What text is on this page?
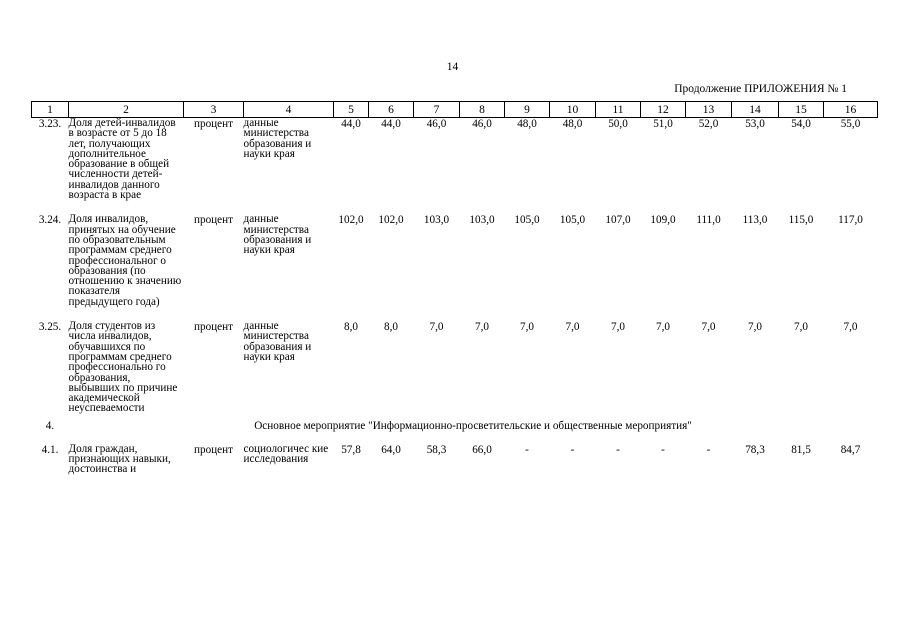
14
Продолжение ПРИЛОЖЕНИЯ № 1
1	2	3	4	5	6	7	8	9	10	11	12	13	14	15	16
3.23.	Доля детей-инвалидов в возрасте от 5 до 18 лет, получающих дополнительное образование в общей численности детей-инвалидов данного возраста в крае	процент	данные министерства образования и науки края	44,0	44,0	46,0	46,0	48,0	48,0	50,0	51,0	52,0	53,0	54,0	55,0
3.24.	Доля инвалидов, принятых на обучение по образовательным программам среднего профессиональног о образования (по отношению к значению показателя предыдущего года)	процент	данные министерства образования и науки края	102,0	102,0	103,0	103,0	105,0	105,0	107,0	109,0	111,0	113,0	115,0	117,0
3.25.	Доля студентов из числа инвалидов, обучавшихся по программам среднего профессионально го образования, выбывших по причине академической неуспеваемости	процент	данные министерства образования и науки края	8,0	8,0	7,0	7,0	7,0	7,0	7,0	7,0	7,0	7,0	7,0	7,0
4.	Основное мероприятие "Информационно-просветительские и общественные мероприятия"														
4.1.	Доля граждан, признающих навыки, достоинства и	процент	социологичес кие исследования	57,8	64,0	58,3	66,0	-	-	-	-	-	78,3	81,5	84,7
